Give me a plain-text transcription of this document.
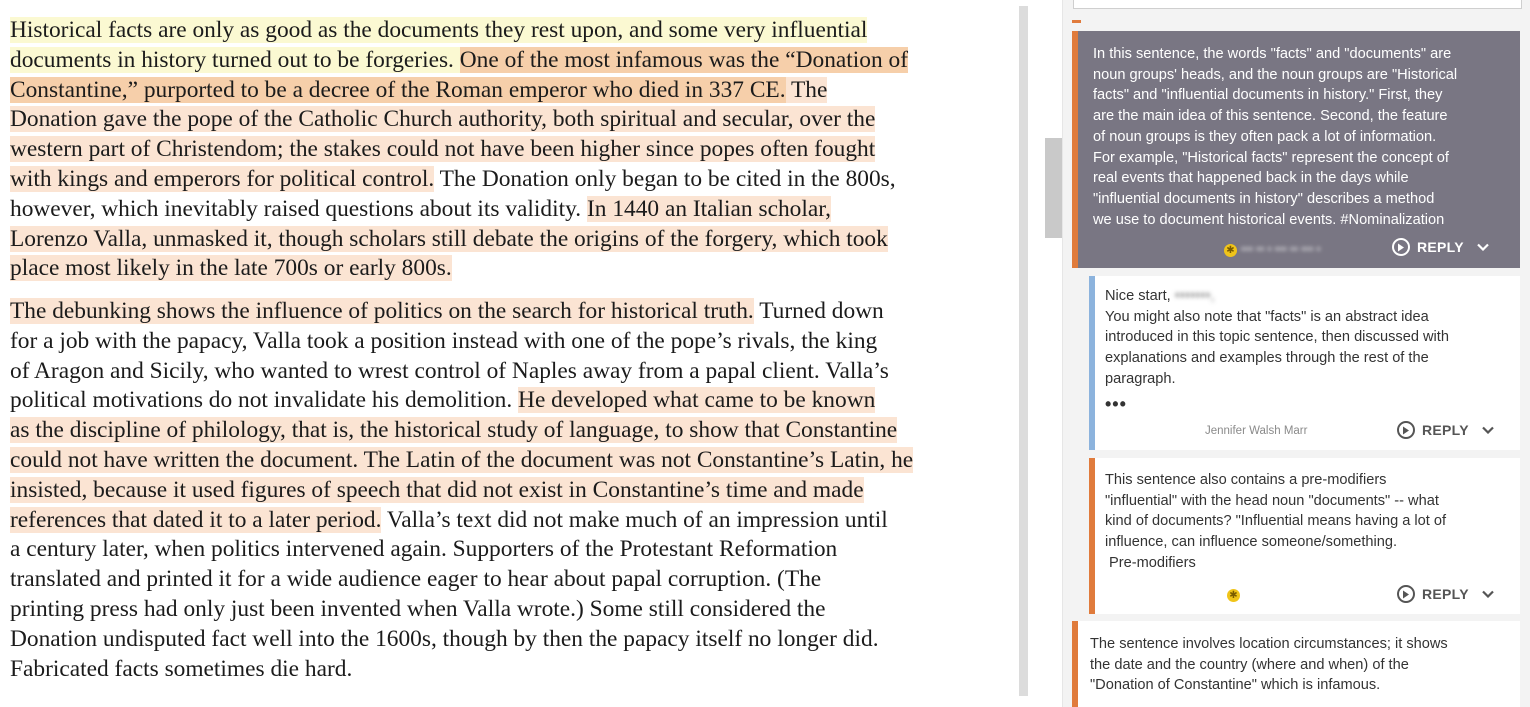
Historical facts are only as good as the documents they rest upon, and some very influential
documents in history turned out to be forgeries. One of the most infamous was the “Donation of
Constantine,” purported to be a decree of the Roman emperor who died in 337 CE. The
Donation gave the pope of the Catholic Church authority, both spiritual and secular, over the
western part of Christendom; the stakes could not have been higher since popes often fought
with kings and emperors for political control. The Donation only began to be cited in the 800s,
however, which inevitably raised questions about its validity. In 1440 an Italian scholar,
Lorenzo Valla, unmasked it, though scholars still debate the origins of the forgery, which took
place most likely in the late 700s or early 800s.
The debunking shows the influence of politics on the search for historical truth. Turned down
for a job with the papacy, Valla took a position instead with one of the pope’s rivals, the king
of Aragon and Sicily, who wanted to wrest control of Naples away from a papal client. Valla’s
political motivations do not invalidate his demolition. He developed what came to be known
as the discipline of philology, that is, the historical study of language, to show that Constantine
could not have written the document. The Latin of the document was not Constantine’s Latin, he
insisted, because it used figures of speech that did not exist in Constantine’s time and made
references that dated it to a later period. Valla’s text did not make much of an impression until
a century later, when politics intervened again. Supporters of the Protestant Reformation
translated and printed it for a wide audience eager to hear about papal corruption. (The
printing press had only just been invented when Valla wrote.) Some still considered the
Donation undisputed fact well into the 1600s, though by then the papacy itself no longer did.
Fabricated facts sometimes die hard.
In this sentence, the words "facts" and "documents" are
noun groups' heads, and the noun groups are "Historical
facts" and "influential documents in history." First, they
are the main idea of this sentence. Second, the feature
of noun groups is they often pack a lot of information.
For example, "Historical facts" represent the concept of
real events that happened back in the days while
"influential documents in history" describes a method
we use to document historical events. #Nominalization
✱ ••• •• • ••• •• ••• •	REPLY
Nice start, •••••••,
You might also note that "facts" is an abstract idea
introduced in this topic sentence, then discussed with
explanations and examples through the rest of the
paragraph.
•••
Jennifer Walsh Marr	REPLY
This sentence also contains a pre-modifiers
"influential" with the head noun "documents" -- what
kind of documents? "Influential means having a lot of
influence, can influence someone/something.
Pre-modifiers
✱	REPLY
The sentence involves location circumstances; it shows
the date and the country (where and when) of the
"Donation of Constantine" which is infamous.
